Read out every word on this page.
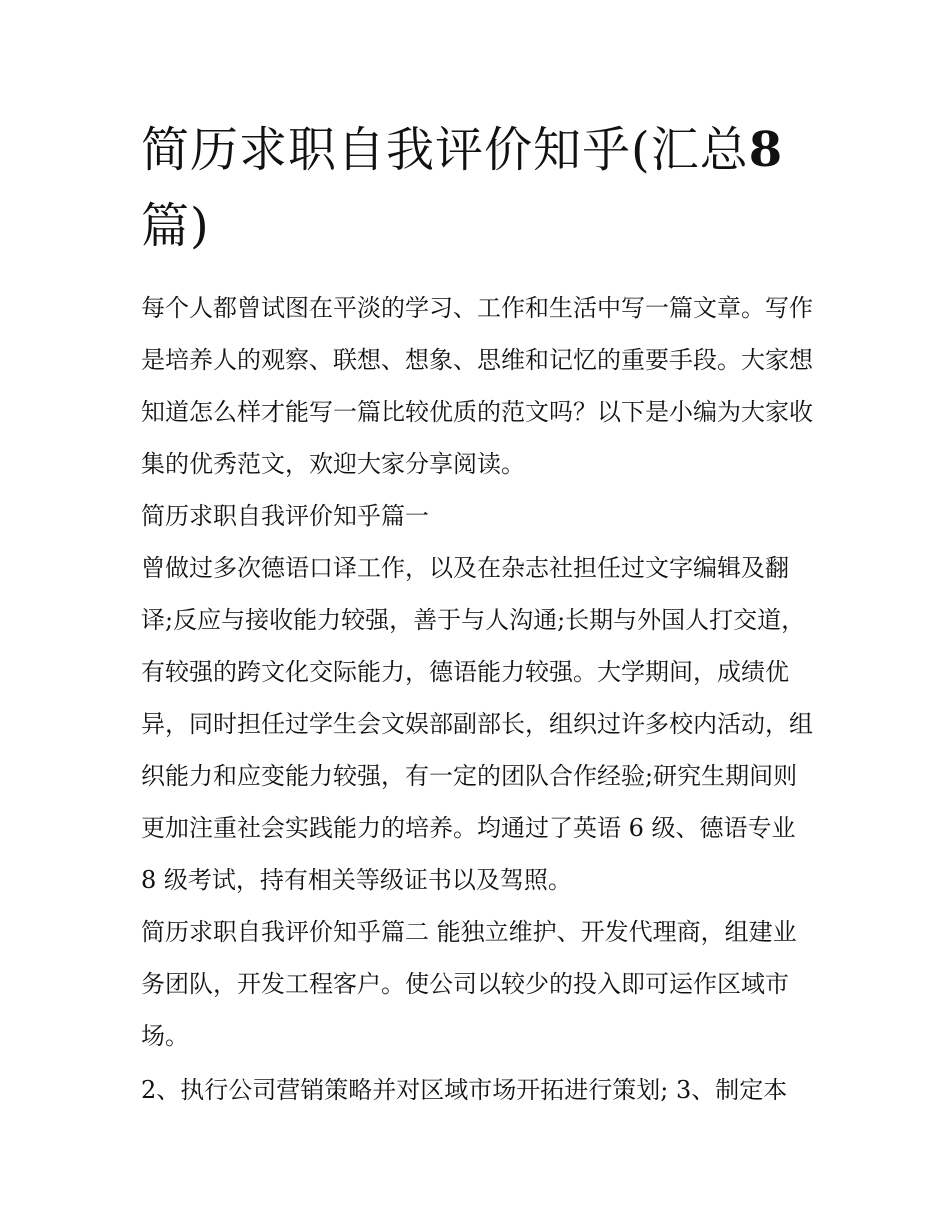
简历求职自我评价知乎(汇总8
篇)

每个人都曾试图在平淡的学习、工作和生活中写一篇文章。写作是培养人的观察、联想、想象、思维和记忆的重要手段。大家想知道怎么样才能写一篇比较优质的范文吗？以下是小编为大家收集的优秀范文，欢迎大家分享阅读。

简历求职自我评价知乎篇一

曾做过多次德语口译工作，以及在杂志社担任过文字编辑及翻译;反应与接收能力较强，善于与人沟通;长期与外国人打交道，有较强的跨文化交际能力，德语能力较强。大学期间，成绩优异，同时担任过学生会文娱部副部长，组织过许多校内活动，组织能力和应变能力较强，有一定的团队合作经验;研究生期间则更加注重社会实践能力的培养。均通过了英语 6 级、德语专业 8 级考试，持有相关等级证书以及驾照。

简历求职自我评价知乎篇二 能独立维护、开发代理商，组建业务团队，开发工程客户。使公司以较少的投入即可运作区域市场。

2、执行公司营销策略并对区域市场开拓进行策划; 3、制定本
